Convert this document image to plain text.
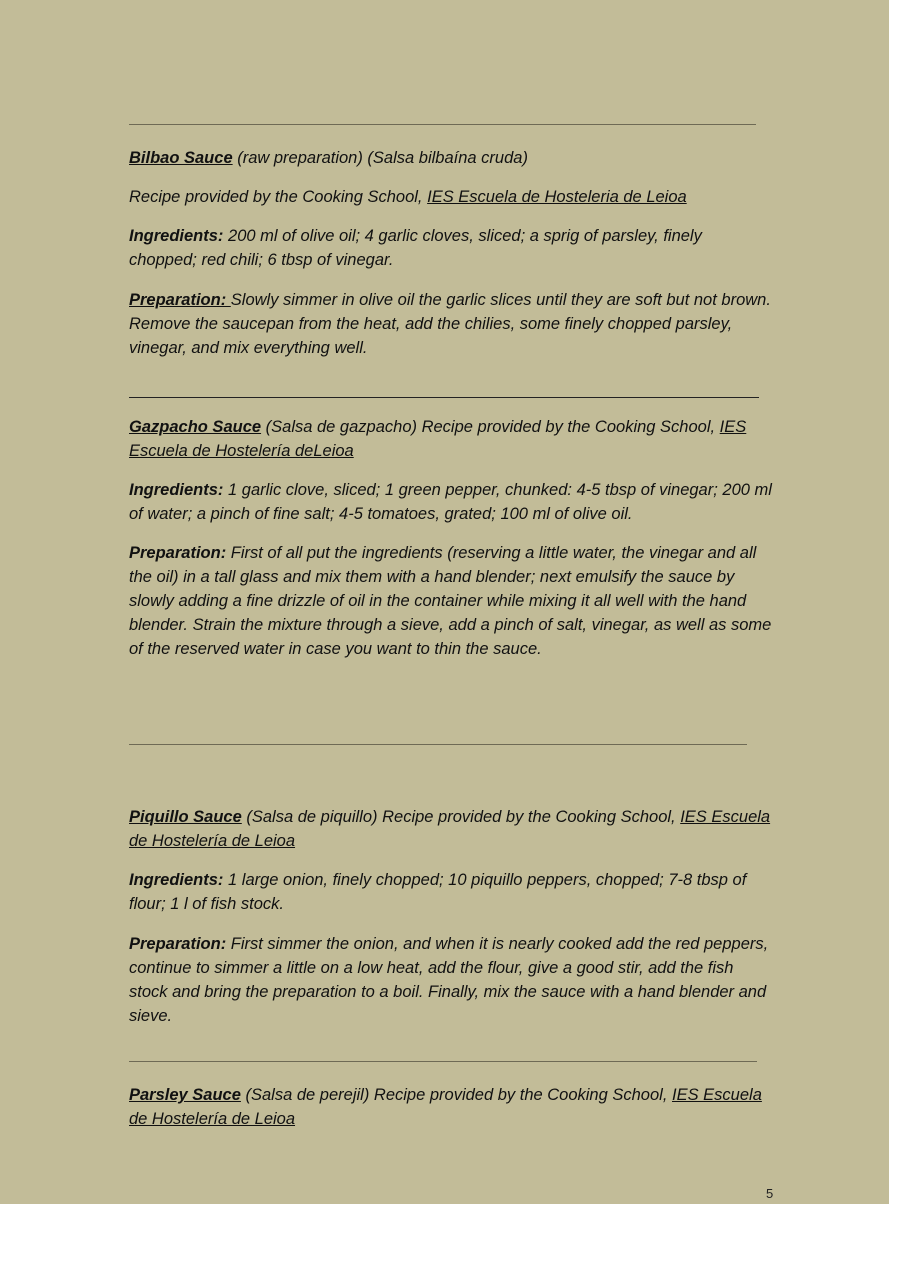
Bilbao Sauce (raw preparation) (Salsa bilbaína cruda)

Recipe provided by the Cooking School, IES Escuela de Hosteleria de Leioa

Ingredients: 200 ml of olive oil; 4 garlic cloves, sliced; a sprig of parsley, finely chopped; red chili; 6 tbsp of vinegar.

Preparation: Slowly simmer in olive oil the garlic slices until they are soft but not brown. Remove the saucepan from the heat, add the chilies, some finely chopped parsley, vinegar, and mix everything well.

Gazpacho Sauce (Salsa de gazpacho) Recipe provided by the Cooking School, IES Escuela de Hostelería deLeioa

Ingredients: 1 garlic clove, sliced; 1 green pepper, chunked: 4-5 tbsp of vinegar; 200 ml of water; a pinch of fine salt; 4-5 tomatoes, grated; 100 ml of olive oil.

Preparation: First of all put the ingredients (reserving a little water, the vinegar and all the oil) in a tall glass and mix them with a hand blender; next emulsify the sauce by slowly adding a fine drizzle of oil in the container while mixing it all well with the hand blender. Strain the mixture through a sieve, add a pinch of salt, vinegar, as well as some of the reserved water in case you want to thin the sauce.

Piquillo Sauce (Salsa de piquillo) Recipe provided by the Cooking School, IES Escuela de Hostelería de Leioa

Ingredients: 1 large onion, finely chopped; 10 piquillo peppers, chopped; 7-8 tbsp of flour; 1 l of fish stock.

Preparation: First simmer the onion, and when it is nearly cooked add the red peppers, continue to simmer a little on a low heat, add the flour, give a good stir, add the fish stock and bring the preparation to a boil. Finally, mix the sauce with a hand blender and sieve.

Parsley Sauce (Salsa de perejil) Recipe provided by the Cooking School, IES Escuela de Hostelería de Leioa

5
